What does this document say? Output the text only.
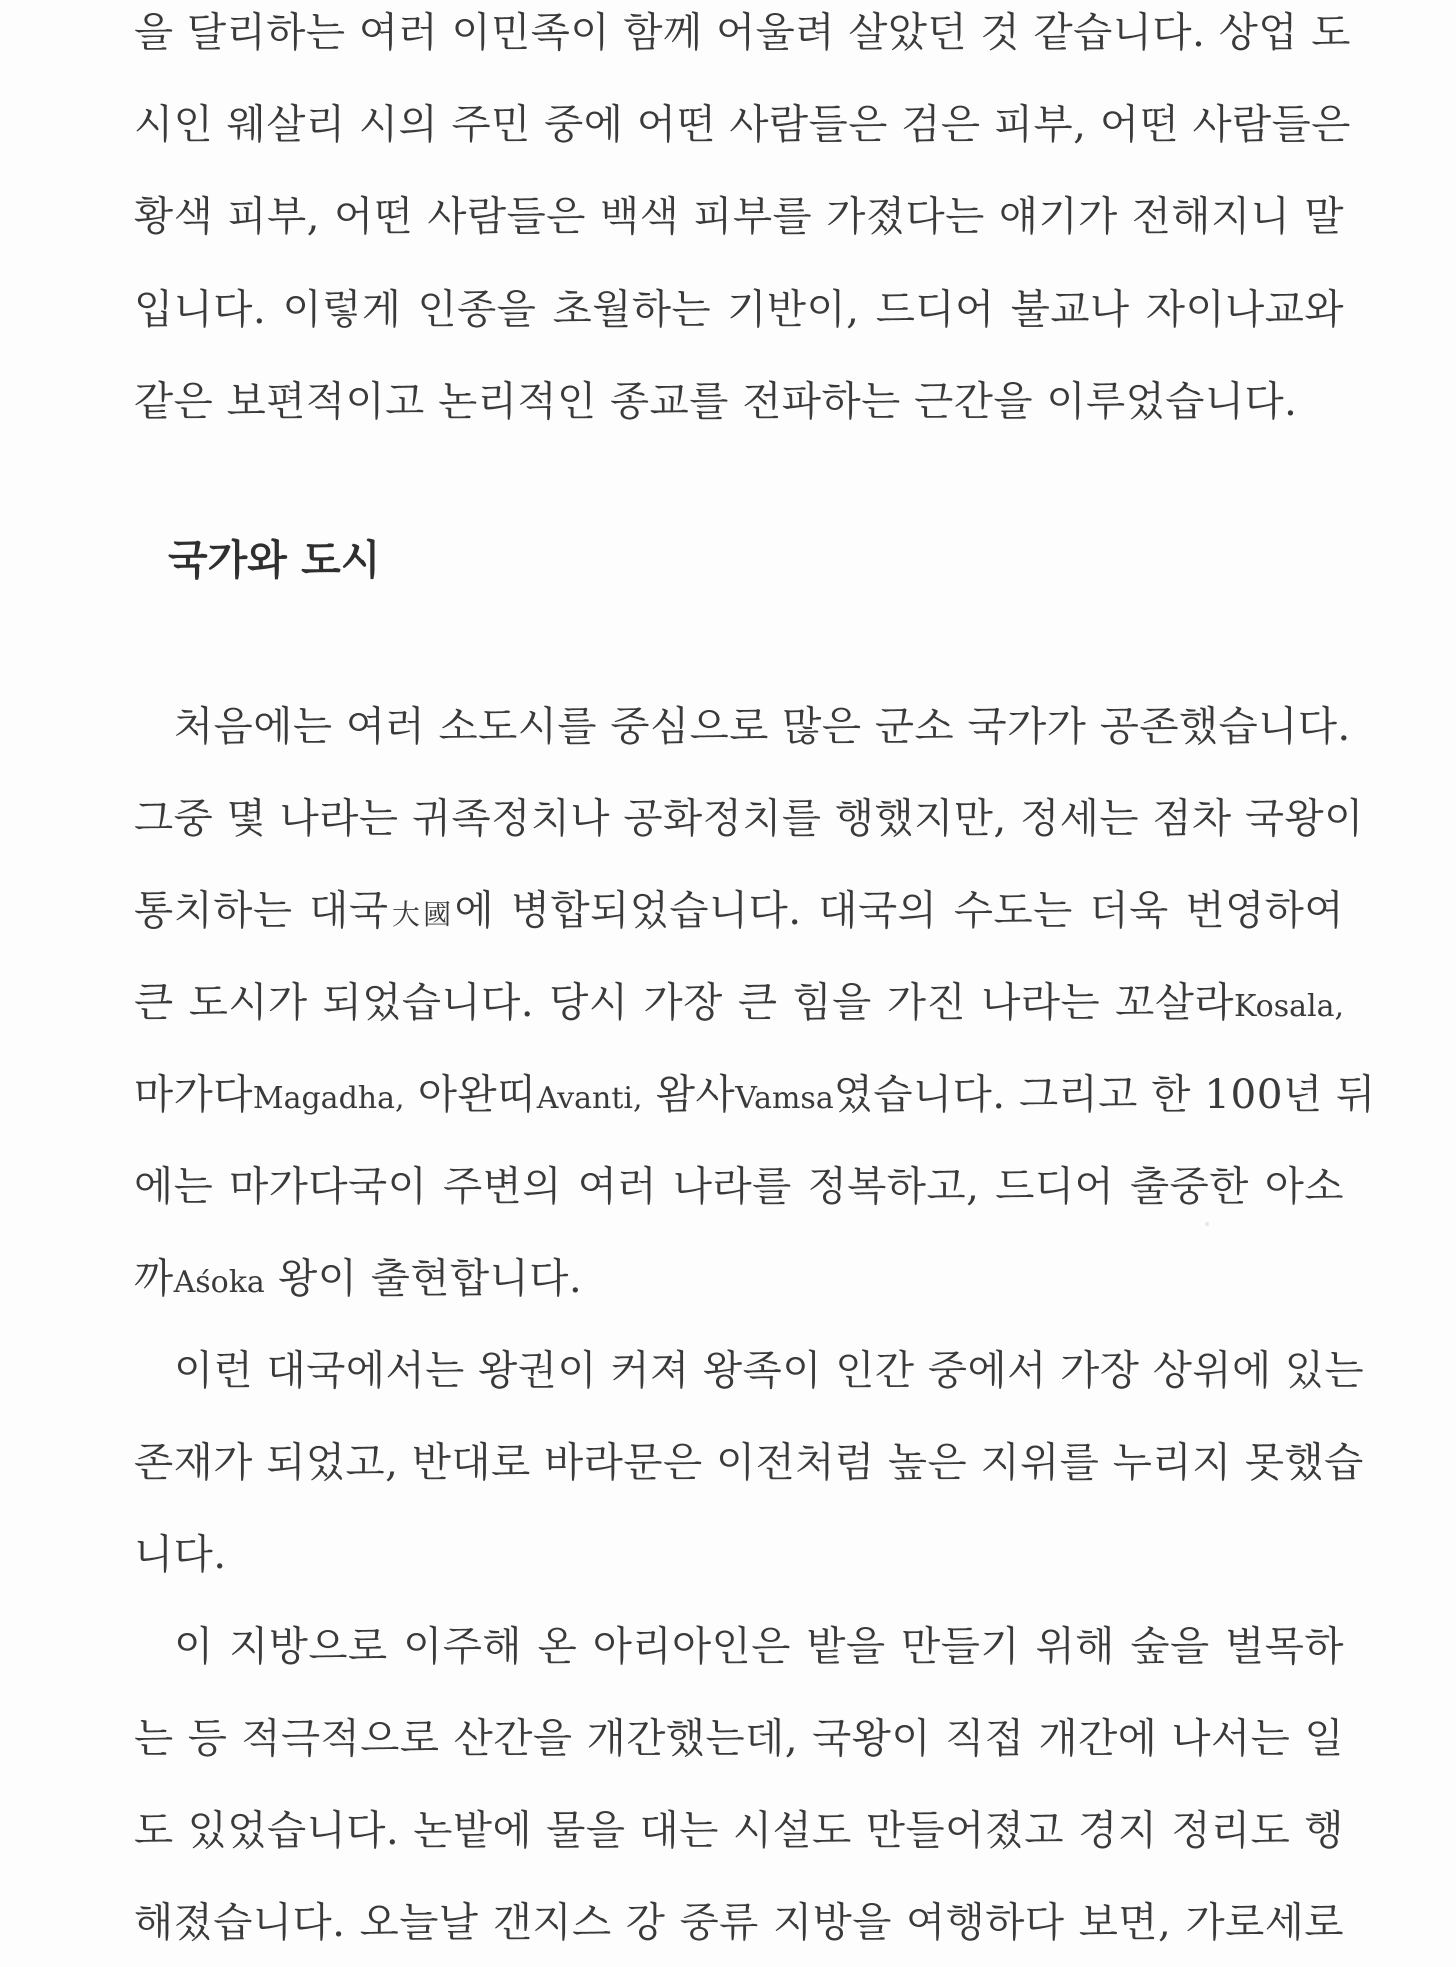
을 달리하는 여러 이민족이 함께 어울려 살았던 것 같습니다. 상업 도
시인 웨살리 시의 주민 중에 어떤 사람들은 검은 피부, 어떤 사람들은
황색 피부, 어떤 사람들은 백색 피부를 가졌다는 얘기가 전해지니 말
입니다. 이렇게 인종을 초월하는 기반이, 드디어 불교나 자이나교와
같은 보편적이고 논리적인 종교를 전파하는 근간을 이루었습니다.
국가와 도시
처음에는 여러 소도시를 중심으로 많은 군소 국가가 공존했습니다.
그중 몇 나라는 귀족정치나 공화정치를 행했지만, 정세는 점차 국왕이
통치하는 대국大國에 병합되었습니다. 대국의 수도는 더욱 번영하여
큰 도시가 되었습니다. 당시 가장 큰 힘을 가진 나라는 꼬살라Kosala,
마가다Magadha, 아완띠Avanti, 왐사Vamsa였습니다. 그리고 한 100년 뒤
에는 마가다국이 주변의 여러 나라를 정복하고, 드디어 출중한 아소
까Aśoka 왕이 출현합니다.
이런 대국에서는 왕권이 커져 왕족이 인간 중에서 가장 상위에 있는
존재가 되었고, 반대로 바라문은 이전처럼 높은 지위를 누리지 못했습
니다.
이 지방으로 이주해 온 아리아인은 밭을 만들기 위해 숲을 벌목하
는 등 적극적으로 산간을 개간했는데, 국왕이 직접 개간에 나서는 일
도 있었습니다. 논밭에 물을 대는 시설도 만들어졌고 경지 정리도 행
해졌습니다. 오늘날 갠지스 강 중류 지방을 여행하다 보면, 가로세로
